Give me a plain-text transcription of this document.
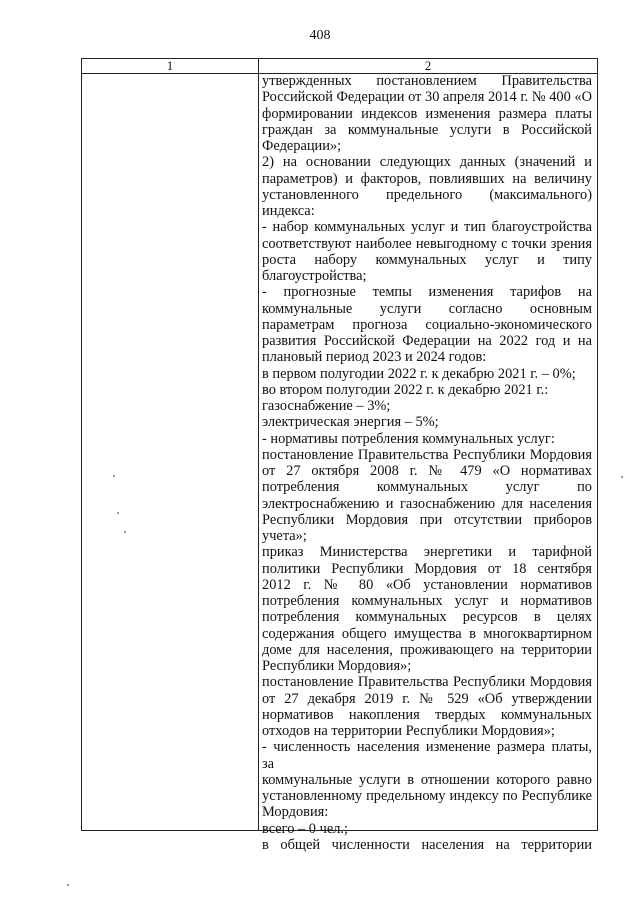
408
1	2
утвержденных постановлением Правительства
Российской Федерации от 30 апреля 2014 г. № 400 «О
формировании индексов изменения размера платы
граждан за коммунальные услуги в Российской
Федерации»;
2) на основании следующих данных (значений и
параметров) и факторов, повлиявших на величину
установленного предельного (максимального)
индекса:
- набор коммунальных услуг и тип благоустройства
соответствуют наиболее невыгодному с точки зрения
роста набору коммунальных услуг и типу
благоустройства;
- прогнозные темпы изменения тарифов на
коммунальные услуги согласно основным
параметрам прогноза социально-экономического
развития Российской Федерации на 2022 год и на
плановый период 2023 и 2024 годов:
в первом полугодии 2022 г. к декабрю 2021 г. – 0%;
во втором полугодии 2022 г. к декабрю 2021 г.:
газоснабжение – 3%;
электрическая энергия – 5%;
- нормативы потребления коммунальных услуг:
постановление Правительства Республики Мордовия
от 27 октября 2008 г. № 479 «О нормативах
потребления коммунальных услуг по
электроснабжению и газоснабжению для населения
Республики Мордовия при отсутствии приборов
учета»;
приказ Министерства энергетики и тарифной
политики Республики Мордовия от 18 сентября
2012 г. № 80 «Об установлении нормативов
потребления коммунальных услуг и нормативов
потребления коммунальных ресурсов в целях
содержания общего имущества в многоквартирном
доме для населения, проживающего на территории
Республики Мордовия»;
постановление Правительства Республики Мордовия
от 27 декабря 2019 г. № 529 «Об утверждении
нормативов накопления твердых коммунальных
отходов на территории Республики Мордовия»;
- численность населения изменение размера платы, за
коммунальные услуги в отношении которого равно
установленному предельному индексу по Республике
Мордовия:
всего – 0 чел.;
в общей численности населения на территории
